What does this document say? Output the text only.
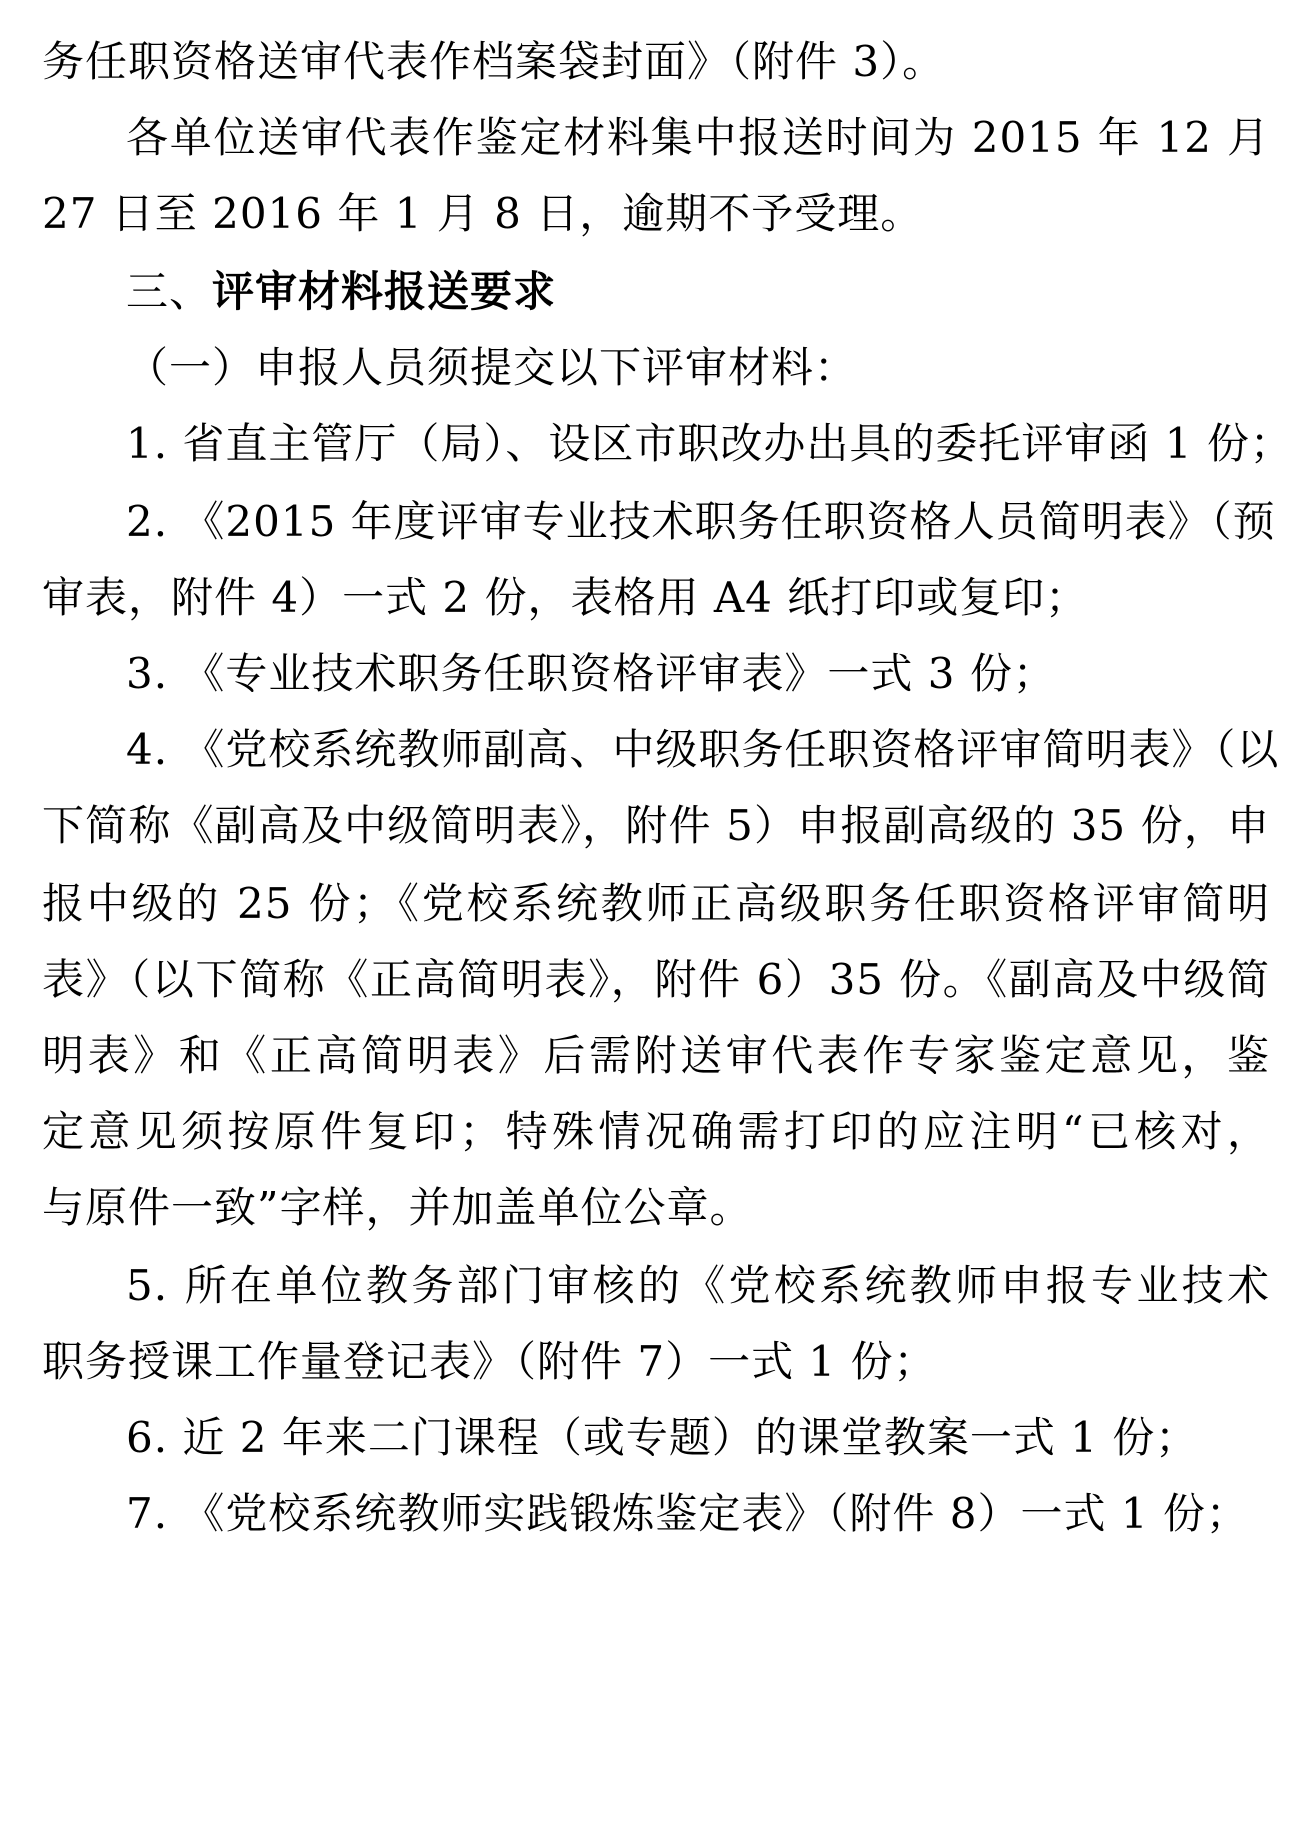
务任职资格送审代表作档案袋封面》（附件 3）。
各单位送审代表作鉴定材料集中报送时间为 2015 年 12 月
27 日至 2016 年 1 月 8 日，逾期不予受理。
三、评审材料报送要求
（一）申报人员须提交以下评审材料：
1. 省直主管厅（局）、设区市职改办出具的委托评审函 1 份；
2. 《2015 年度评审专业技术职务任职资格人员简明表》（预
审表，附件 4）一式 2 份，表格用 A4 纸打印或复印；
3. 《专业技术职务任职资格评审表》一式 3 份；
4. 《党校系统教师副高、中级职务任职资格评审简明表》（以
下简称《副高及中级简明表》，附件 5）申报副高级的 35 份，申
报中级的 25 份；《党校系统教师正高级职务任职资格评审简明
表》（以下简称《正高简明表》，附件 6）35 份。《副高及中级简
明表》和《正高简明表》后需附送审代表作专家鉴定意见，鉴
定意见须按原件复印；特殊情况确需打印的应注明“已核对，
与原件一致”字样，并加盖单位公章。
5. 所在单位教务部门审核的《党校系统教师申报专业技术
职务授课工作量登记表》（附件 7）一式 1 份；
6. 近 2 年来二门课程（或专题）的课堂教案一式 1 份；
7. 《党校系统教师实践锻炼鉴定表》（附件 8）一式 1 份；
